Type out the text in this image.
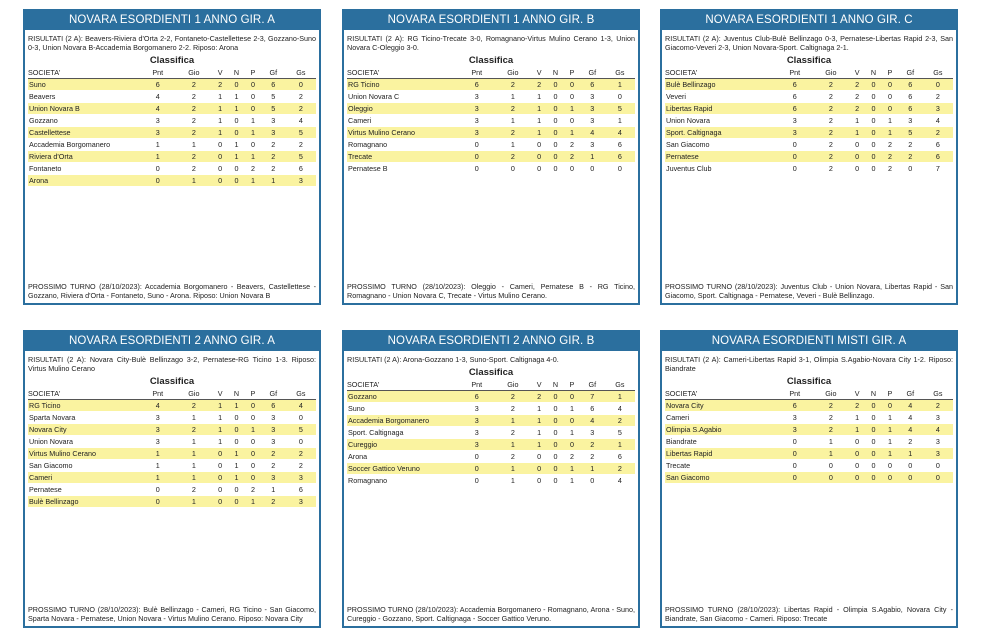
NOVARA ESORDIENTI 1 ANNO GIR. A
RISULTATI (2 A): Beavers-Riviera d'Orta 2-2, Fontaneto-Castellettese 2-3, Gozzano-Suno 0-3, Union Novara B-Accademia Borgomanero 2-2. Riposo: Arona
Classifica
SOCIETA'	Pnt	Gio	V	N	P	Gf	Gs
Suno	6	2	2	0	0	6	0
Beavers	4	2	1	1	0	5	2
Union Novara B	4	2	1	1	0	5	2
Gozzano	3	2	1	0	1	3	4
Castellettese	3	2	1	0	1	3	5
Accademia Borgomanero	1	1	0	1	0	2	2
Riviera d'Orta	1	2	0	1	1	2	5
Fontaneto	0	2	0	0	2	2	6
Arona	0	1	0	0	1	1	3
PROSSIMO TURNO (28/10/2023): Accademia Borgomanero - Beavers, Castellettese - Gozzano, Riviera d'Orta - Fontaneto, Suno - Arona. Riposo: Union Novara B
NOVARA ESORDIENTI 1 ANNO GIR. B
RISULTATI (2 A): RG Ticino-Trecate 3-0, Romagnano-Virtus Mulino Cerano 1-3, Union Novara C-Oleggio 3-0.
Classifica
SOCIETA'	Pnt	Gio	V	N	P	Gf	Gs
RG Ticino	6	2	2	0	0	6	1
Union Novara C	3	1	1	0	0	3	0
Oleggio	3	2	1	0	1	3	5
Cameri	3	1	1	0	0	3	1
Virtus Mulino Cerano	3	2	1	0	1	4	4
Romagnano	0	1	0	0	2	3	6
Trecate	0	2	0	0	2	1	6
Pernatese B	0	0	0	0	0	0	0
PROSSIMO TURNO (28/10/2023): Oleggio - Cameri, Pernatese B - RG Ticino, Romagnano - Union Novara C, Trecate - Virtus Mulino Cerano.
NOVARA ESORDIENTI 1 ANNO GIR. C
RISULTATI (2 A): Juventus Club-Bulè Bellinzago 0-3, Pernatese-Libertas Rapid 2-3, San Giacomo-Veveri 2-3, Union Novara-Sport. Caltignaga 2-1.
Classifica
SOCIETA'	Pnt	Gio	V	N	P	Gf	Gs
Bulè Bellinzago	6	2	2	0	0	6	0
Veveri	6	2	2	0	0	6	2
Libertas Rapid	6	2	2	0	0	6	3
Union Novara	3	2	1	0	1	3	4
Sport. Caltignaga	3	2	1	0	1	5	2
San Giacomo	0	2	0	0	2	2	6
Pernatese	0	2	0	0	2	2	6
Juventus Club	0	2	0	0	2	0	7
PROSSIMO TURNO (28/10/2023): Juventus Club - Union Novara, Libertas Rapid - San Giacomo, Sport. Caltignaga - Pernatese, Veveri - Bulè Bellinzago.
NOVARA ESORDIENTI 2 ANNO GIR. A
RISULTATI (2 A): Novara City-Bulè Bellinzago 3-2, Pernatese-RG Ticino 1-3. Riposo: Virtus Mulino Cerano
Classifica
SOCIETA'	Pnt	Gio	V	N	P	Gf	Gs
RG Ticino	4	2	1	1	0	6	4
Sparta Novara	3	1	1	0	0	3	0
Novara City	3	2	1	0	1	3	5
Union Novara	3	1	1	0	0	3	0
Virtus Mulino Cerano	1	1	0	1	0	2	2
San Giacomo	1	1	0	1	0	2	2
Cameri	1	1	0	1	0	3	3
Pernatese	0	2	0	0	2	1	6
Bulè Bellinzago	0	1	0	0	1	2	3
PROSSIMO TURNO (28/10/2023): Bulè Bellinzago - Cameri, RG Ticino - San Giacomo, Sparta Novara - Pernatese, Union Novara - Virtus Mulino Cerano. Riposo: Novara City
NOVARA ESORDIENTI 2 ANNO GIR. B
RISULTATI (2 A): Arona-Gozzano 1-3, Suno-Sport. Caltignaga 4-0.
Classifica
SOCIETA'	Pnt	Gio	V	N	P	Gf	Gs
Gozzano	6	2	2	0	0	7	1
Suno	3	2	1	0	1	6	4
Accademia Borgomanero	3	1	1	0	0	4	2
Sport. Caltignaga	3	2	1	0	1	3	5
Cureggio	3	1	1	0	0	2	1
Arona	0	2	0	0	2	2	6
Soccer Gattico Veruno	0	1	0	0	1	1	2
Romagnano	0	1	0	0	1	0	4
PROSSIMO TURNO (28/10/2023): Accademia Borgomanero - Romagnano, Arona - Suno, Cureggio - Gozzano, Sport. Caltignaga - Soccer Gattico Veruno.
NOVARA ESORDIENTI MISTI GIR. A
RISULTATI (2 A): Cameri-Libertas Rapid 3-1, Olimpia S.Agabio-Novara City 1-2. Riposo: Biandrate
Classifica
SOCIETA'	Pnt	Gio	V	N	P	Gf	Gs
Novara City	6	2	2	0	0	4	2
Cameri	3	2	1	0	1	4	3
Olimpia S.Agabio	3	2	1	0	1	4	4
Biandrate	0	1	0	0	1	2	3
Libertas Rapid	0	1	0	0	1	1	3
Trecate	0	0	0	0	0	0	0
San Giacomo	0	0	0	0	0	0	0
PROSSIMO TURNO (28/10/2023): Libertas Rapid - Olimpia S.Agabio, Novara City - Biandrate, San Giacomo - Cameri. Riposo: Trecate
